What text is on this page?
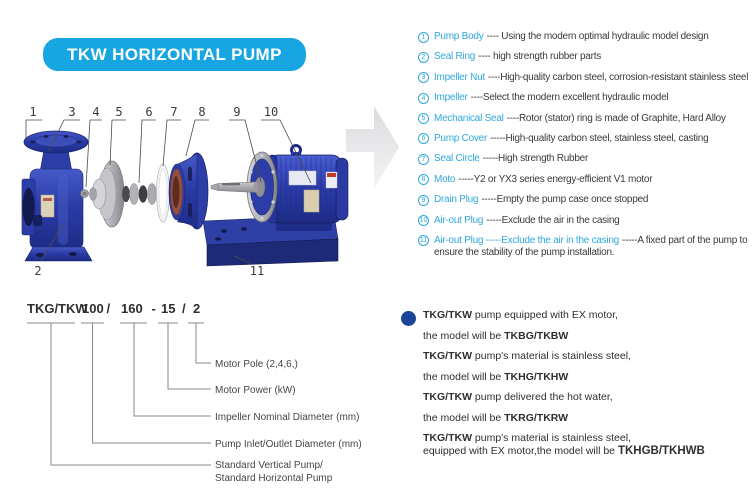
TKW HORIZONTAL PUMP
1	3 4 5 6 7 8 9 10
2	11
1 Pump Body ---- Using the modern optimal hydraulic model design
2 Seal Ring ---- high strength rubber parts
3 Impeller Nut ----High-quality carbon steel, corrosion-resistant stainless steel
4 Impeller ----Select the modern excellent hydraulic model
5 Mechanical Seal ----Rotor (stator) ring is made of Graphite, Hard Alloy
6 Pump Cover -----High-quality carbon steel, stainless steel, casting
7 Seal Circle -----High strength Rubber
8 Moto -----Y2 or YX3 series energy-efficient V1 motor
9 Drain Plug -----Empty the pump case once stopped
10 Air-out Plug -----Exclude the air in the casing
11 Air-out Plug -----Exclude the air in the casing -----A fixed part of the pump to ensure the stability of the pump installation.
TKG/TKW
100 / 160 - 15 / 2
Motor Pole (2,4,6,)
Motor Power (kW)
Impeller Nominal Diameter (mm)
Pump Inlet/Outlet Diameter (mm)
Standard Vertical Pump/
Standard Horizontal Pump

TKG/TKW pump equipped with EX motor,

the model will be TKBG/TKBW

TKG/TKW pump's material is stainless steel,

the model will be TKHG/TKHW

TKG/TKW pump delivered the hot water,

the model will be TKRG/TKRW

TKG/TKW pump's material is stainless steel,

equipped with EX motor,the model will be TKHGB/TKHWB
